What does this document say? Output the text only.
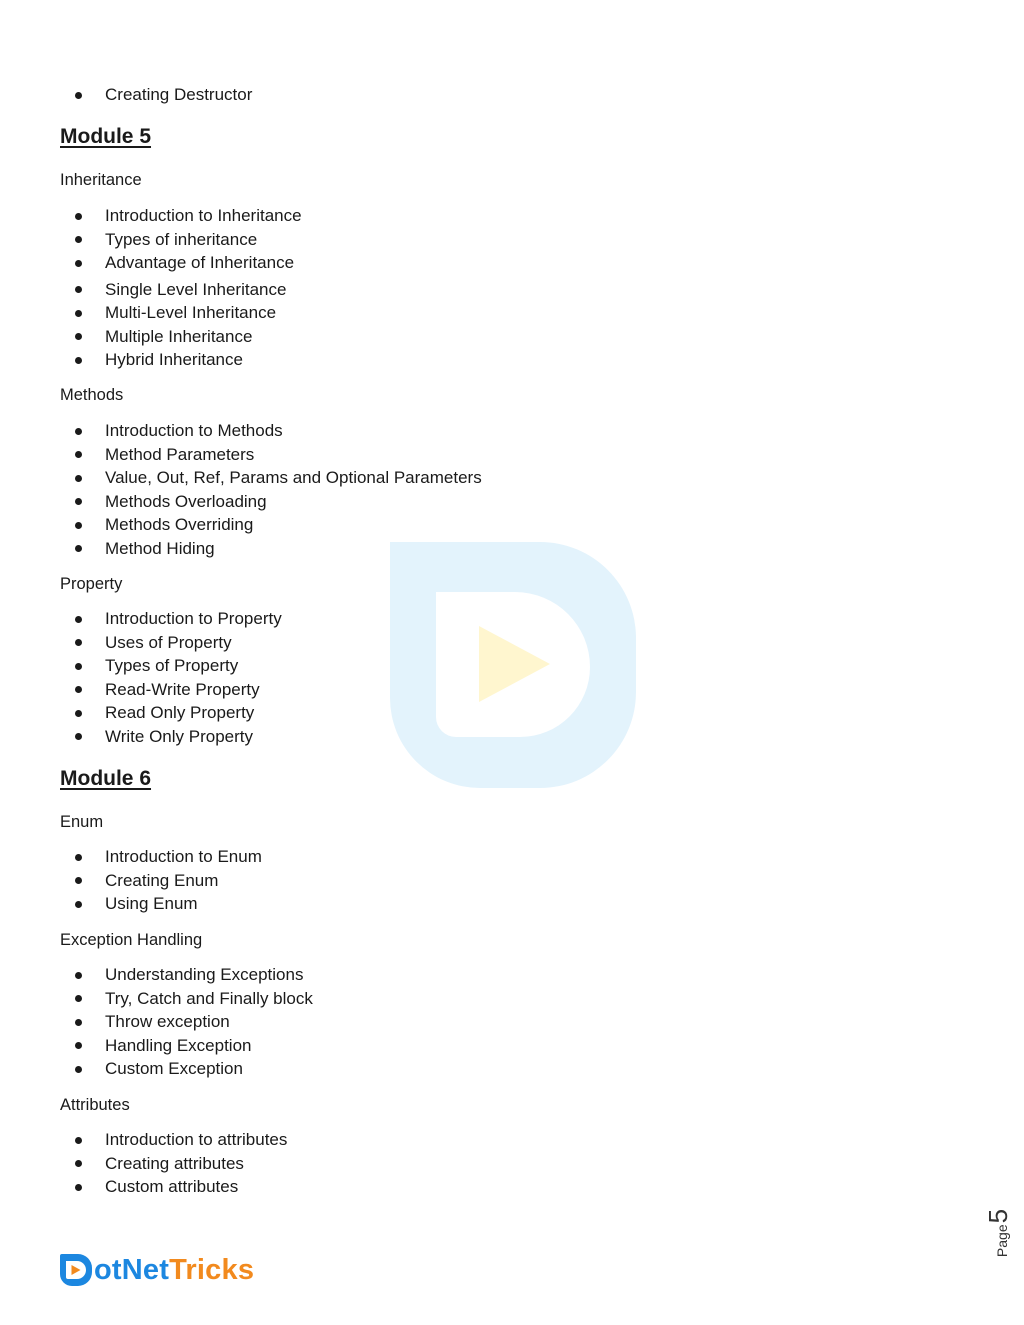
Creating Destructor
Module 5
Inheritance
Introduction to Inheritance
Types of inheritance
Advantage of Inheritance
Single Level Inheritance
Multi-Level Inheritance
Multiple Inheritance
Hybrid Inheritance
Methods
Introduction to Methods
Method Parameters
Value, Out, Ref, Params and Optional Parameters
Methods Overloading
Methods Overriding
Method Hiding
Property
Introduction to Property
Uses of Property
Types of Property
Read-Write Property
Read Only Property
Write Only Property
Module 6
Enum
Introduction to Enum
Creating Enum
Using Enum
Exception Handling
Understanding Exceptions
Try, Catch and Finally block
Throw exception
Handling Exception
Custom Exception
Attributes
Introduction to attributes
Creating attributes
Custom attributes
Page
5
otNetTricks
